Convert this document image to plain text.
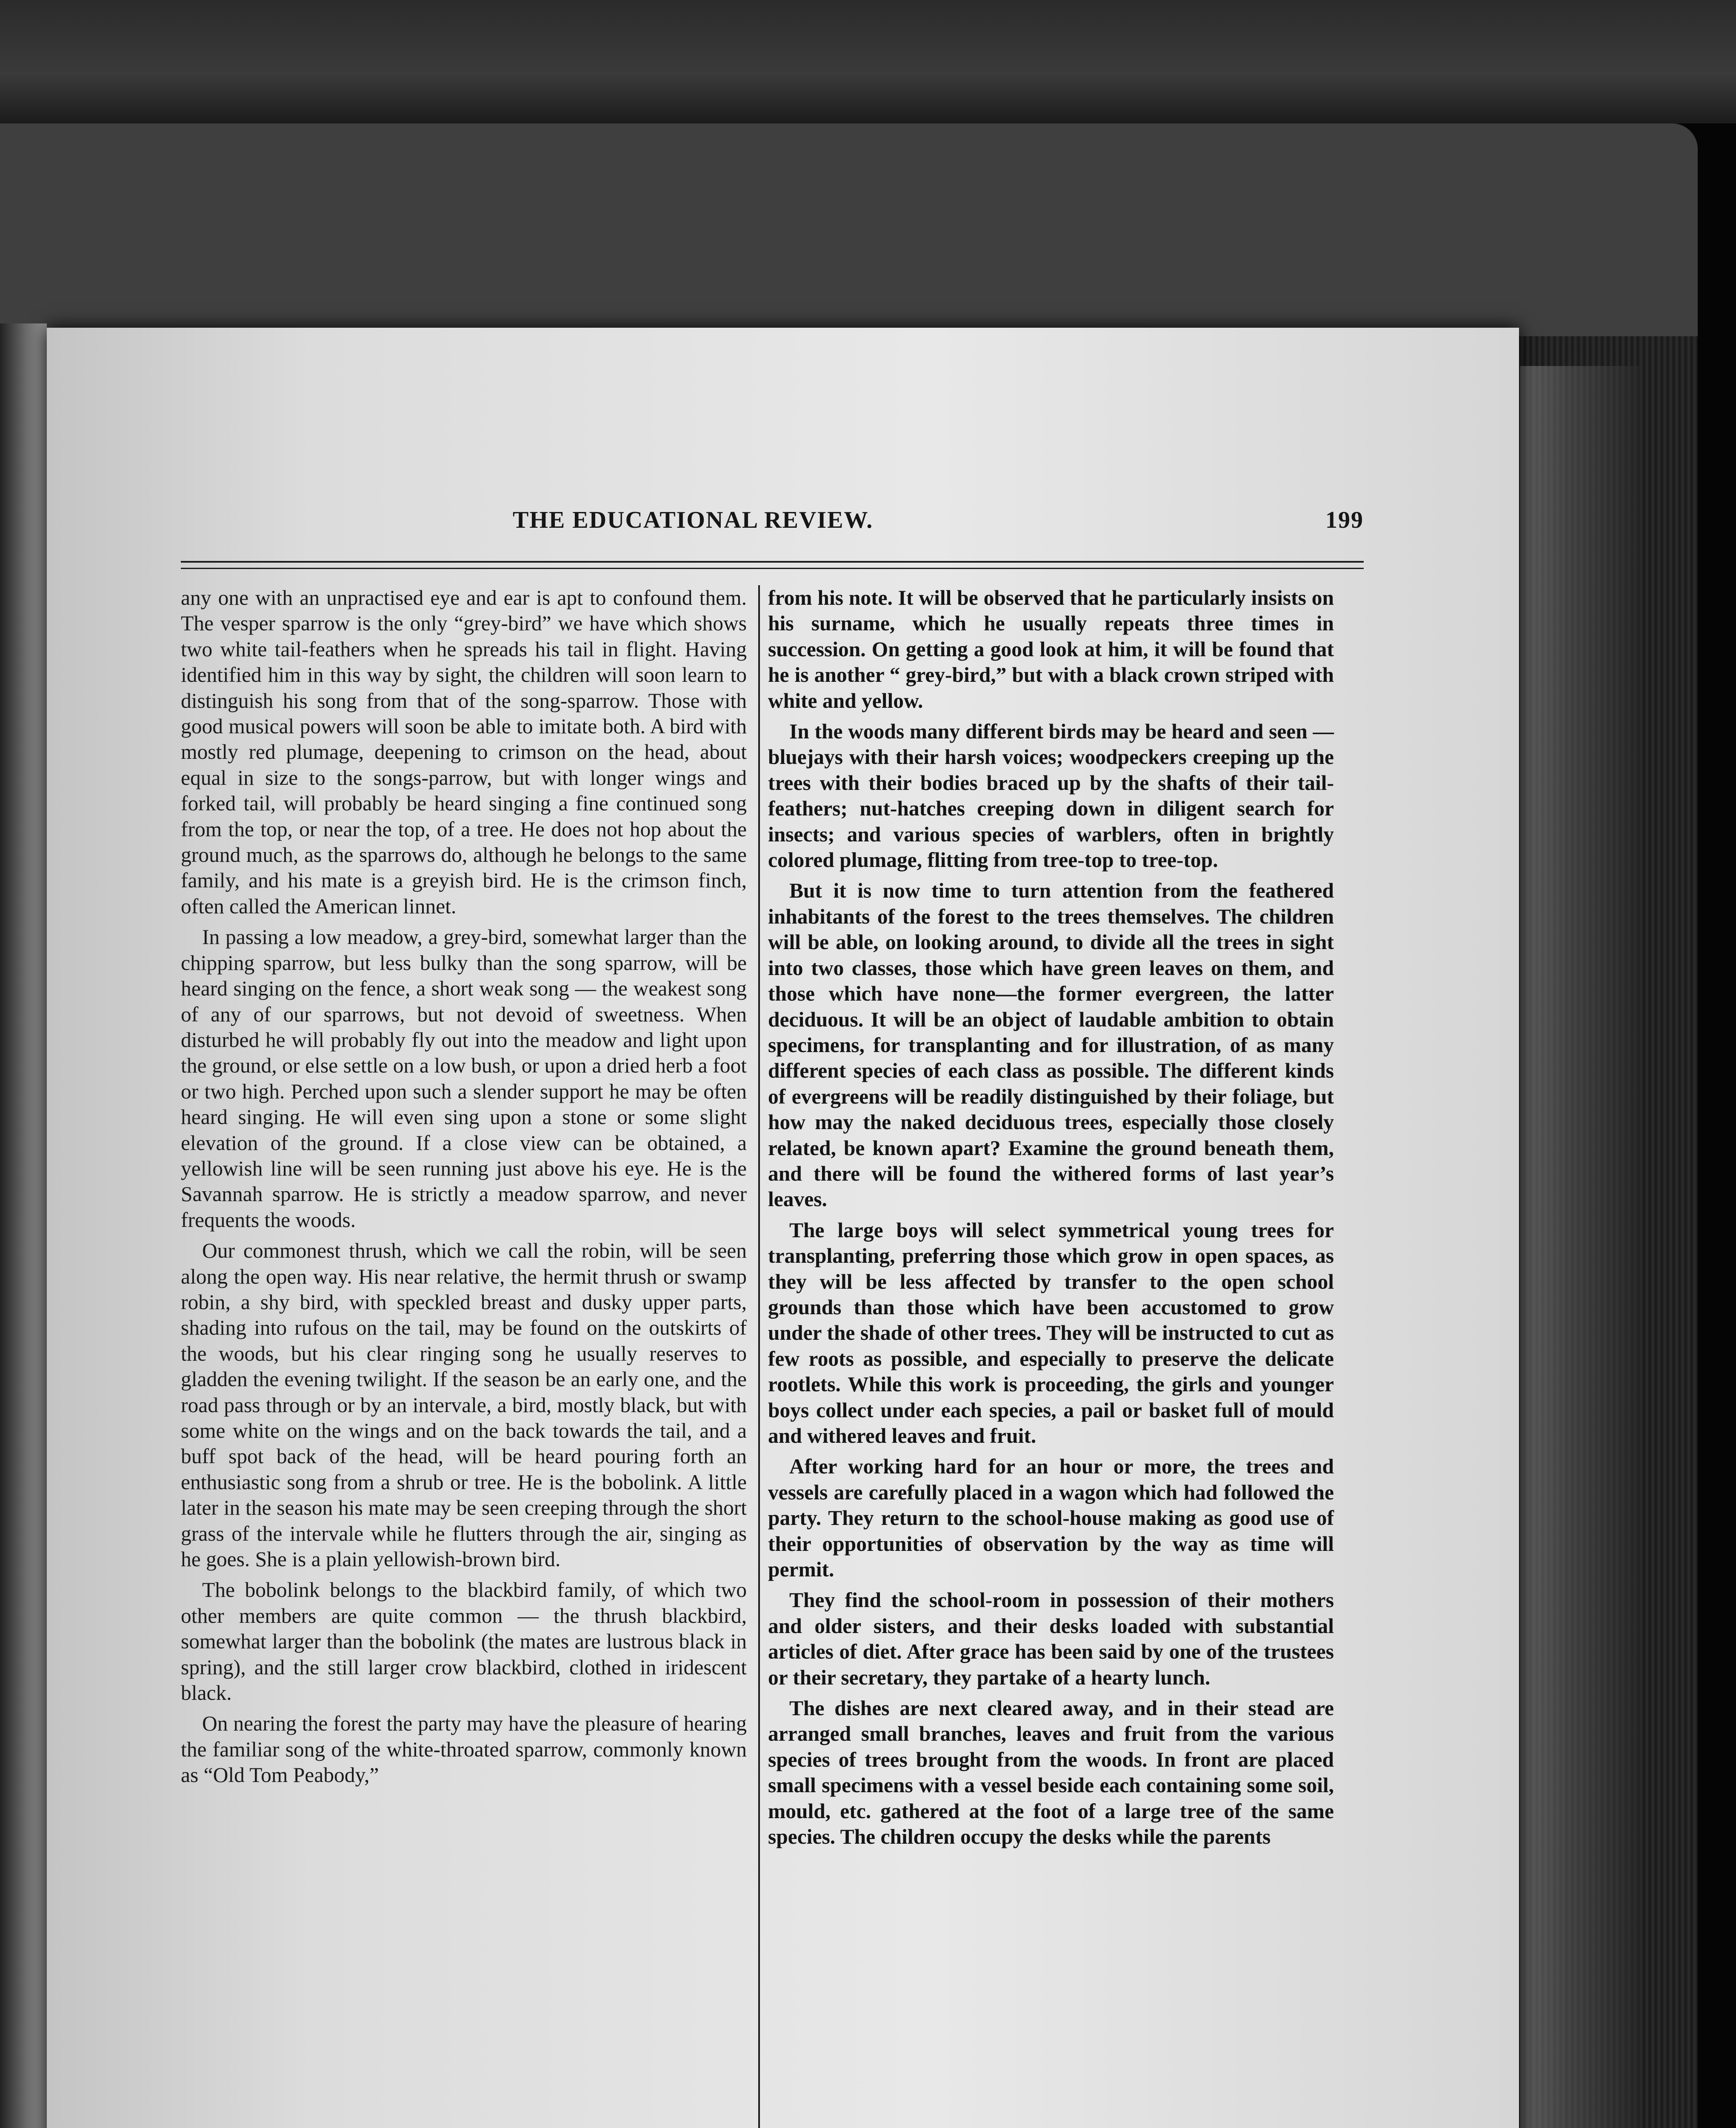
THE EDUCATIONAL REVIEW.	199

any one with an unpractised eye and ear is apt to confound them. The vesper sparrow is the only “grey-bird” we have which shows two white tail-feathers when he spreads his tail in flight. Having identified him in this way by sight, the children will soon learn to distinguish his song from that of the song-sparrow. Those with good musical powers will soon be able to imitate both. A bird with mostly red plumage, deepening to crimson on the head, about equal in size to the songs-parrow, but with longer wings and forked tail, will probably be heard singing a fine continued song from the top, or near the top, of a tree. He does not hop about the ground much, as the sparrows do, although he belongs to the same family, and his mate is a greyish bird. He is the crimson finch, often called the American linnet.

In passing a low meadow, a grey-bird, somewhat larger than the chipping sparrow, but less bulky than the song sparrow, will be heard singing on the fence, a short weak song — the weakest song of any of our sparrows, but not devoid of sweetness. When disturbed he will probably fly out into the meadow and light upon the ground, or else settle on a low bush, or upon a dried herb a foot or two high. Perched upon such a slender support he may be often heard singing. He will even sing upon a stone or some slight elevation of the ground. If a close view can be obtained, a yellowish line will be seen running just above his eye. He is the Savannah sparrow. He is strictly a meadow sparrow, and never frequents the woods.

Our commonest thrush, which we call the robin, will be seen along the open way. His near relative, the hermit thrush or swamp robin, a shy bird, with speckled breast and dusky upper parts, shading into rufous on the tail, may be found on the outskirts of the woods, but his clear ringing song he usually reserves to gladden the evening twilight. If the season be an early one, and the road pass through or by an intervale, a bird, mostly black, but with some white on the wings and on the back towards the tail, and a buff spot back of the head, will be heard pouring forth an enthusiastic song from a shrub or tree. He is the bobolink. A little later in the season his mate may be seen creeping through the short grass of the intervale while he flutters through the air, singing as he goes. She is a plain yellowish-brown bird.

The bobolink belongs to the blackbird family, of which two other members are quite common — the thrush blackbird, somewhat larger than the bobolink (the mates are lustrous black in spring), and the still larger crow blackbird, clothed in iridescent black.

On nearing the forest the party may have the pleasure of hearing the familiar song of the white-throated sparrow, commonly known as “Old Tom Peabody,”

from his note. It will be observed that he particularly insists on his surname, which he usually repeats three times in succession. On getting a good look at him, it will be found that he is another “ grey-bird,” but with a black crown striped with white and yellow.

In the woods many different birds may be heard and seen — bluejays with their harsh voices; woodpeckers creeping up the trees with their bodies braced up by the shafts of their tail-feathers; nut-hatches creeping down in diligent search for insects; and various species of warblers, often in brightly colored plumage, flitting from tree-top to tree-top.

But it is now time to turn attention from the feathered inhabitants of the forest to the trees themselves. The children will be able, on looking around, to divide all the trees in sight into two classes, those which have green leaves on them, and those which have none—the former evergreen, the latter deciduous. It will be an object of laudable ambition to obtain specimens, for transplanting and for illustration, of as many different species of each class as possible. The different kinds of evergreens will be readily distinguished by their foliage, but how may the naked deciduous trees, especially those closely related, be known apart? Examine the ground beneath them, and there will be found the withered forms of last year’s leaves.

The large boys will select symmetrical young trees for transplanting, preferring those which grow in open spaces, as they will be less affected by transfer to the open school grounds than those which have been accustomed to grow under the shade of other trees. They will be instructed to cut as few roots as possible, and especially to preserve the delicate rootlets. While this work is proceeding, the girls and younger boys collect under each species, a pail or basket full of mould and withered leaves and fruit.

After working hard for an hour or more, the trees and vessels are carefully placed in a wagon which had followed the party. They return to the school-house making as good use of their opportunities of observation by the way as time will permit.

They find the school-room in possession of their mothers and older sisters, and their desks loaded with substantial articles of diet. After grace has been said by one of the trustees or their secretary, they partake of a hearty lunch.

The dishes are next cleared away, and in their stead are arranged small branches, leaves and fruit from the various species of trees brought from the woods. In front are placed small specimens with a vessel beside each containing some soil, mould, etc. gathered at the foot of a large tree of the same species. The children occupy the desks while the parents
